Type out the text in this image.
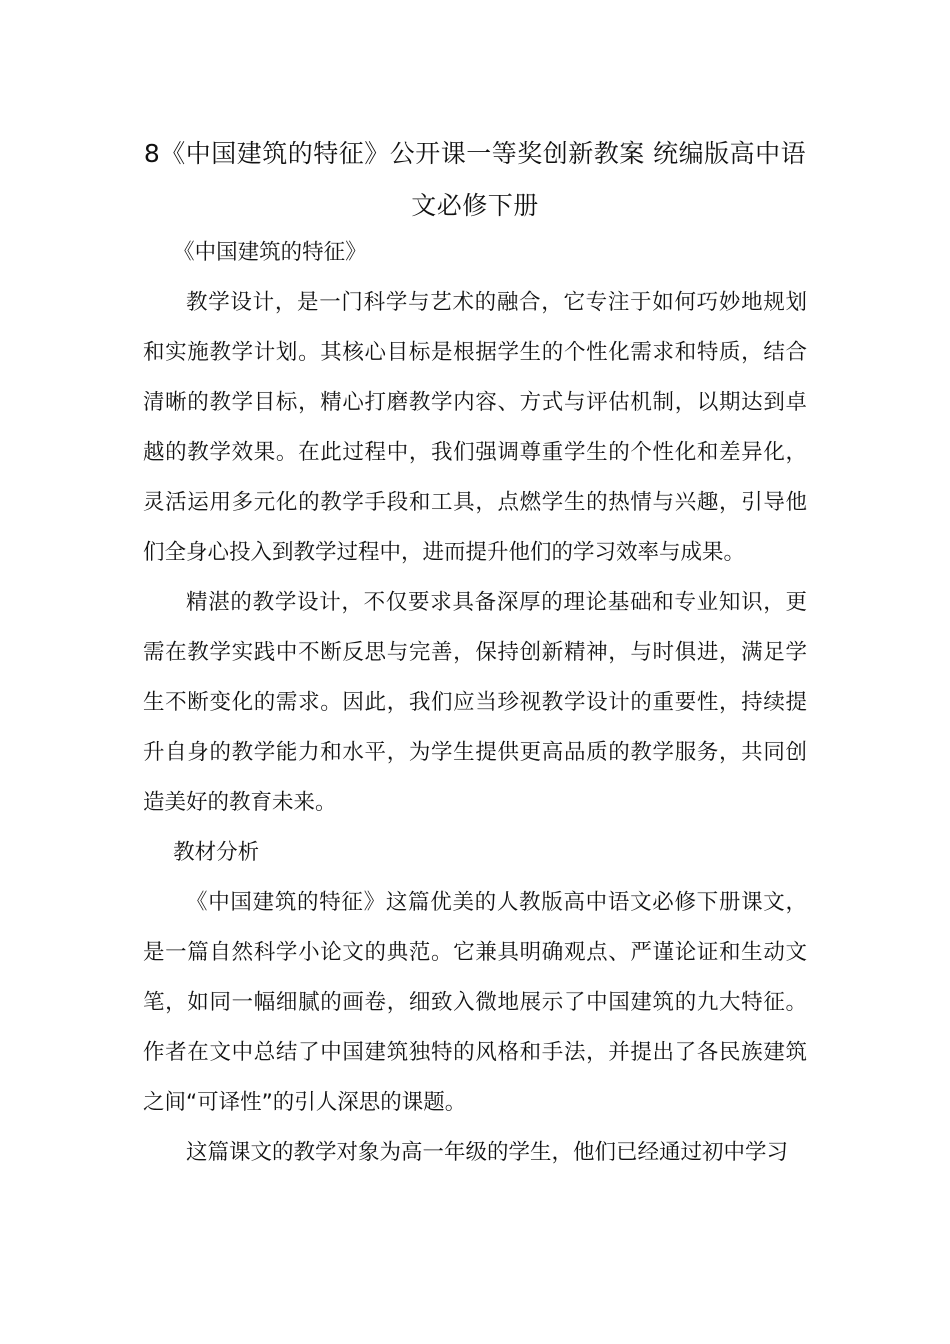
8《中国建筑的特征》公开课一等奖创新教案 统编版高中语文必修下册

《中国建筑的特征》

教学设计，是一门科学与艺术的融合，它专注于如何巧妙地规划和实施教学计划。其核心目标是根据学生的个性化需求和特质，结合清晰的教学目标，精心打磨教学内容、方式与评估机制，以期达到卓越的教学效果。在此过程中，我们强调尊重学生的个性化和差异化，灵活运用多元化的教学手段和工具，点燃学生的热情与兴趣，引导他们全身心投入到教学过程中，进而提升他们的学习效率与成果。

精湛的教学设计，不仅要求具备深厚的理论基础和专业知识，更需在教学实践中不断反思与完善，保持创新精神，与时俱进，满足学生不断变化的需求。因此，我们应当珍视教学设计的重要性，持续提升自身的教学能力和水平，为学生提供更高品质的教学服务，共同创造美好的教育未来。

教材分析

《中国建筑的特征》这篇优美的人教版高中语文必修下册课文，是一篇自然科学小论文的典范。它兼具明确观点、严谨论证和生动文笔，如同一幅细腻的画卷，细致入微地展示了中国建筑的九大特征。作者在文中总结了中国建筑独特的风格和手法，并提出了各民族建筑之间“可译性”的引人深思的课题。

这篇课文的教学对象为高一年级的学生，他们已经通过初中学习
